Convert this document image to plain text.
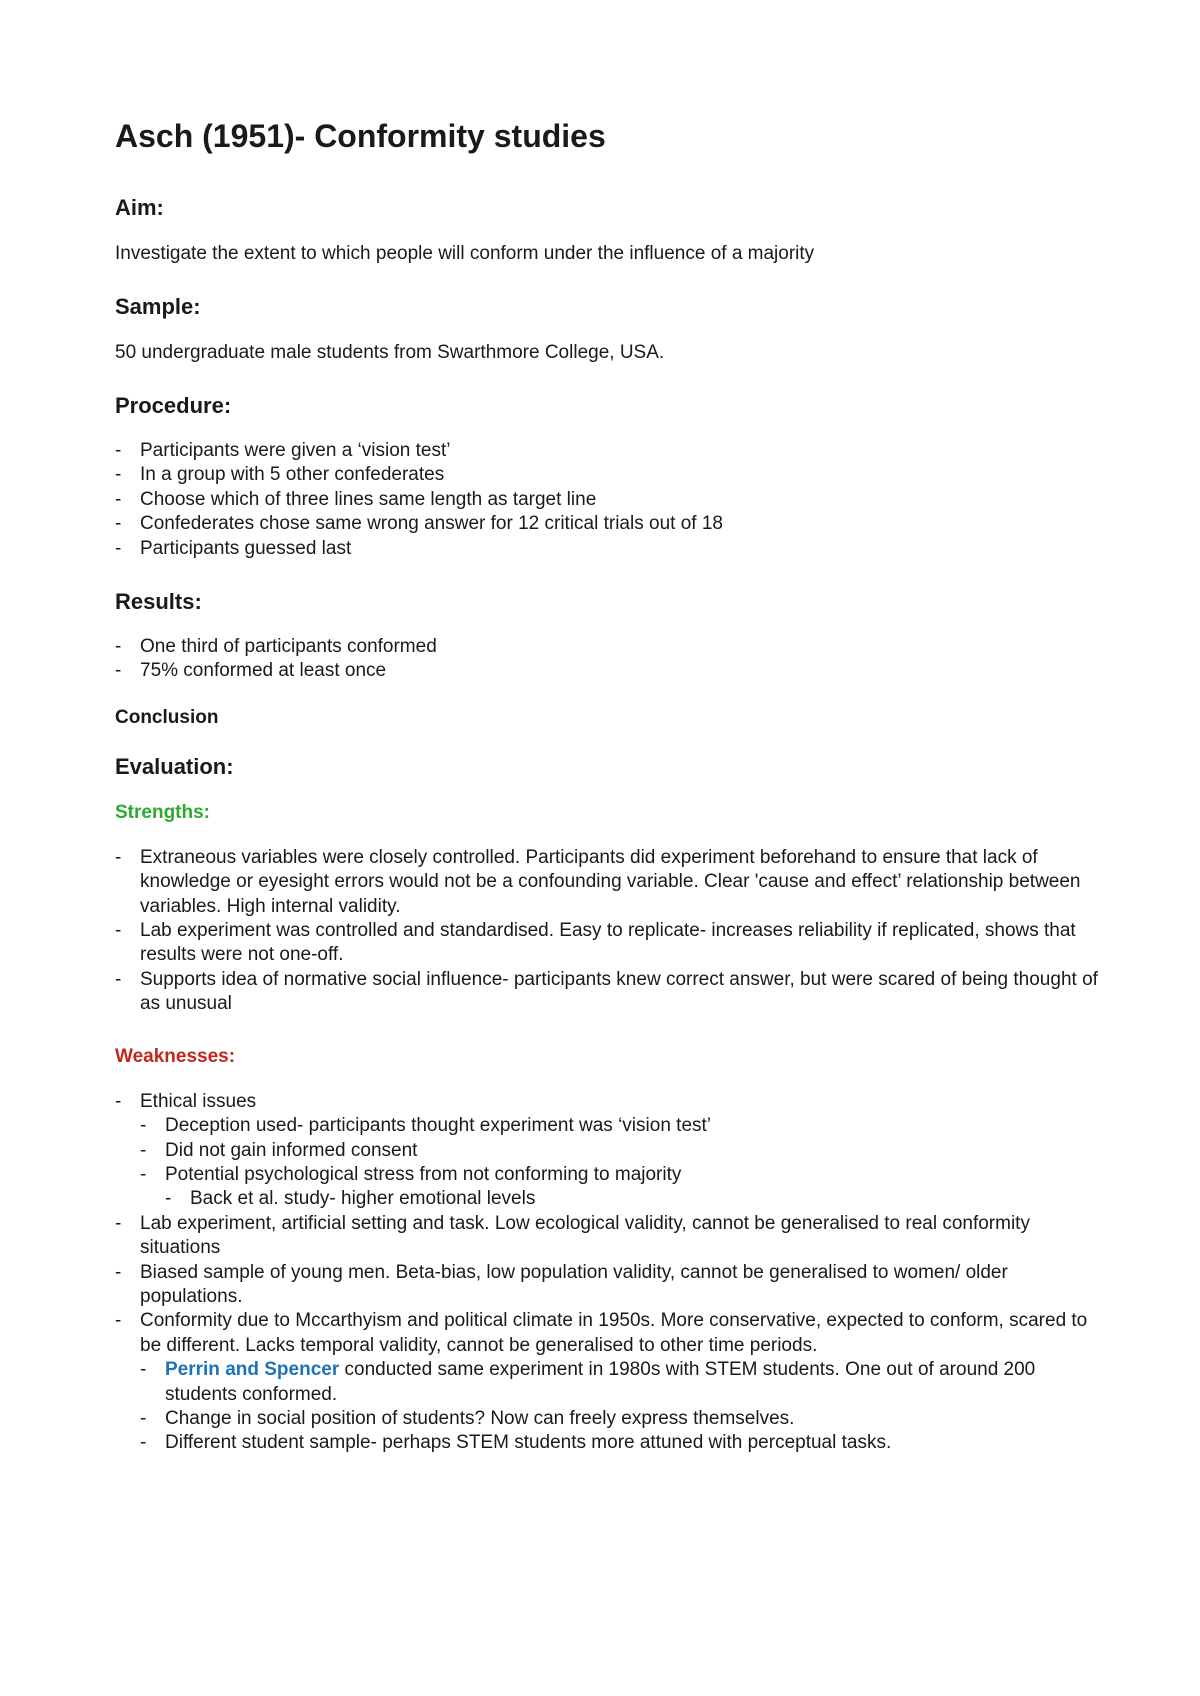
Asch (1951)- Conformity studies
Aim:

Investigate the extent to which people will conform under the influence of a majority

Sample:

50 undergraduate male students from Swarthmore College, USA.

Procedure:
- Participants were given a ‘vision test’
- In a group with 5 other confederates
- Choose which of three lines same length as target line
- Confederates chose same wrong answer for 12 critical trials out of 18
- Participants guessed last
Results:
- One third of participants conformed
- 75% conformed at least once
Conclusion
Evaluation:
Strengths:
- Extraneous variables were closely controlled. Participants did experiment beforehand to ensure that lack of knowledge or eyesight errors would not be a confounding variable. Clear 'cause and effect’ relationship between variables. High internal validity.
- Lab experiment was controlled and standardised. Easy to replicate- increases reliability if replicated, shows that results were not one-off.
- Supports idea of normative social influence- participants knew correct answer, but were scared of being thought of as unusual
Weaknesses:
- Ethical issues
- Deception used- participants thought experiment was ‘vision test’
- Did not gain informed consent
- Potential psychological stress from not conforming to majority
- Back et al. study- higher emotional levels
- Lab experiment, artificial setting and task. Low ecological validity, cannot be generalised to real conformity situations
- Biased sample of young men. Beta-bias, low population validity, cannot be generalised to women/ older populations.
- Conformity due to Mccarthyism and political climate in 1950s. More conservative, expected to conform, scared to be different. Lacks temporal validity, cannot be generalised to other time periods.
- Perrin and Spencer conducted same experiment in 1980s with STEM students. One out of around 200 students conformed.
- Change in social position of students? Now can freely express themselves.
- Different student sample- perhaps STEM students more attuned with perceptual tasks.
